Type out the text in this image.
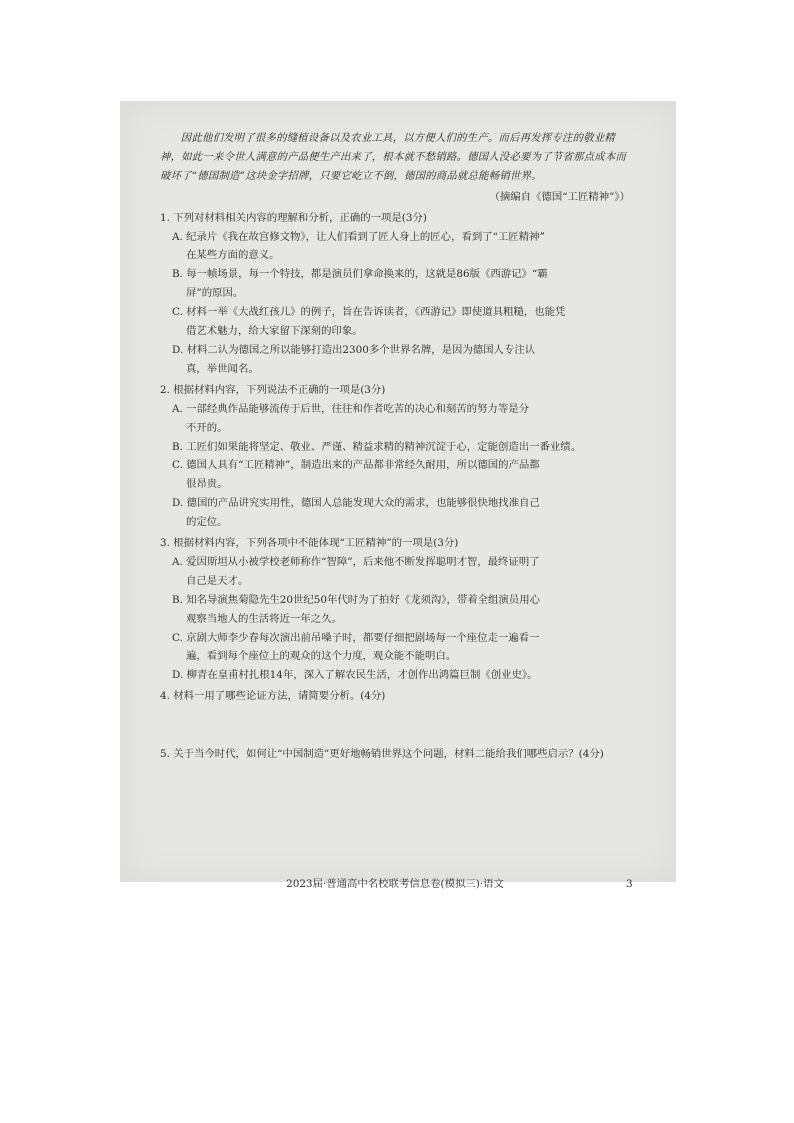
因此他们发明了很多的缝植设备以及农业工具，以方便人们的生产。而后再发挥专注的敬业精神，如此一来令世人满意的产品便生产出来了，根本就不愁销路。德国人没必要为了节省那点成本而破坏了“德国制造”这块金字招牌，只要它屹立不倒，德国的商品就总能畅销世界。

（摘编自《德国“工匠精神”》）

1. 下列对材料相关内容的理解和分析，正确的一项是(3分)

A. 纪录片《我在故宫修文物》，让人们看到了匠人身上的匠心，看到了“工匠精神”
在某些方面的意义。

B. 每一帧场景，每一个特技，都是演员们拿命换来的，这就是86版《西游记》“霸
屏”的原因。

C. 材料一举《大战红孩儿》的例子，旨在告诉读者，《西游记》即使道具粗糙，也能凭
借艺术魅力，给大家留下深刻的印象。

D. 材料二认为德国之所以能够打造出2300多个世界名牌，是因为德国人专注认
真，举世闻名。

2. 根据材料内容，下列说法不正确的一项是(3分)

A. 一部经典作品能够流传于后世，往往和作者吃苦的决心和刻苦的努力等是分
不开的。

B. 工匠们如果能将坚定、敬业、严谨、精益求精的精神沉淀于心，定能创造出一番业绩。

C. 德国人具有“工匠精神”，制造出来的产品都非常经久耐用，所以德国的产品都
很昂贵。

D. 德国的产品讲究实用性，德国人总能发现大众的需求，也能够很快地找准自己
的定位。

3. 根据材料内容，下列各项中不能体现“工匠精神”的一项是(3分)

A. 爱因斯坦从小被学校老师称作“智障”，后来他不断发挥聪明才智，最终证明了
自己是天才。

B. 知名导演焦菊隐先生20世纪50年代时为了拍好《龙须沟》，带着全组演员用心
观察当地人的生活将近一年之久。

C. 京剧大师李少春每次演出前吊嗓子时，都要仔细把剧场每一个座位走一遍看一
遍，看到每个座位上的观众的这个力度，观众能不能明白。

D. 柳青在皇甫村扎根14年，深入了解农民生活，才创作出鸿篇巨制《创业史》。

4. 材料一用了哪些论证方法，请简要分析。(4分)

5. 关于当今时代，如何让“中国制造”更好地畅销世界这个问题，材料二能给我们哪些启示？(4分)

2023届·普通高中名校联考信息卷(模拟三)·语文	3
